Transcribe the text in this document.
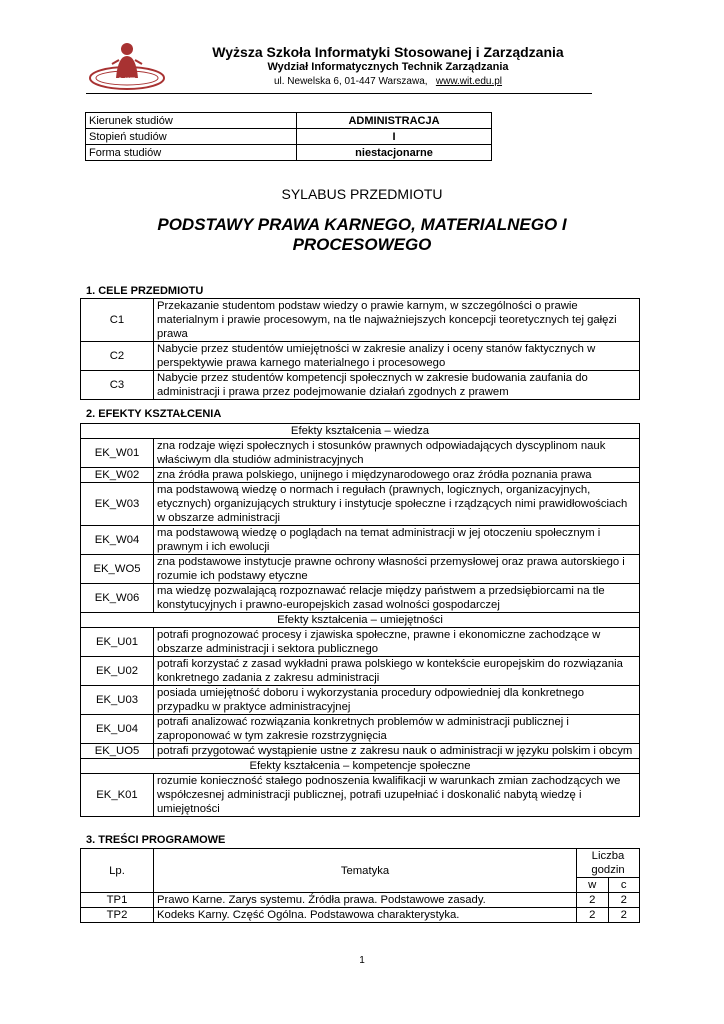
WIT
Wyższa Szkoła Informatyki Stosowanej i Zarządzania
Wydział Informatycznych Technik Zarządzania
ul. Newelska 6, 01-447 Warszawa, www.wit.edu.pl
Kierunek studiów	ADMINISTRACJA
Stopień studiów	I
Forma studiów	niestacjonarne
SYLABUS PRZEDMIOTU
PODSTAWY PRAWA KARNEGO, MATERIALNEGO I
PROCESOWEGO
1. CELE PRZEDMIOTU
C1	Przekazanie studentom podstaw wiedzy o prawie karnym, w szczególności o prawie materialnym i prawie procesowym, na tle najważniejszych koncepcji teoretycznych tej gałęzi prawa
C2	Nabycie przez studentów umiejętności w zakresie analizy i oceny stanów faktycznych w perspektywie prawa karnego materialnego i procesowego
C3	Nabycie przez studentów kompetencji społecznych w zakresie budowania zaufania do administracji i prawa przez podejmowanie działań zgodnych z prawem
2. EFEKTY KSZTAŁCENIA
Efekty kształcenia – wiedza	
EK_W01	zna rodzaje więzi społecznych i stosunków prawnych odpowiadających dyscyplinom nauk właściwym dla studiów administracyjnych
EK_W02	zna źródła prawa polskiego, unijnego i międzynarodowego oraz źródła poznania prawa
EK_W03	ma podstawową wiedzę o normach i regułach (prawnych, logicznych, organizacyjnych, etycznych) organizujących struktury i instytucje społeczne i rządzących nimi prawidłowościach w obszarze administracji
EK_W04	ma podstawową wiedzę o poglądach na temat administracji w jej otoczeniu społecznym i prawnym i ich ewolucji
EK_WO5	zna podstawowe instytucje prawne ochrony własności przemysłowej oraz prawa autorskiego i rozumie ich podstawy etyczne
EK_W06	ma wiedzę pozwalającą rozpoznawać relacje między państwem a przedsiębiorcami na tle konstytucyjnych i prawno-europejskich zasad wolności gospodarczej
Efekty kształcenia – umiejętności	
EK_U01	potrafi prognozować procesy i zjawiska społeczne, prawne i ekonomiczne zachodzące w obszarze administracji i sektora publicznego
EK_U02	potrafi korzystać z zasad wykładni prawa polskiego w kontekście europejskim do rozwiązania konkretnego zadania z zakresu administracji
EK_U03	posiada umiejętność doboru i wykorzystania procedury odpowiedniej dla konkretnego przypadku w praktyce administracyjnej
EK_U04	potrafi analizować rozwiązania konkretnych problemów w administracji publicznej i zaproponować w tym zakresie rozstrzygnięcia
EK_UO5	potrafi przygotować wystąpienie ustne z zakresu nauk o administracji w języku polskim i obcym
Efekty kształcenia – kompetencje społeczne	
EK_K01	rozumie konieczność stałego podnoszenia kwalifikacji w warunkach zmian zachodzących we współczesnej administracji publicznej, potrafi uzupełniać i doskonalić nabytą wiedzę i umiejętności
3. TREŚCI PROGRAMOWE
Lp.	Tematyka	Liczba godzin	
		w	c
TP1	Prawo Karne. Zarys systemu. Źródła prawa. Podstawowe zasady.	2	2
TP2	Kodeks Karny. Część Ogólna. Podstawowa charakterystyka.	2	2
1
